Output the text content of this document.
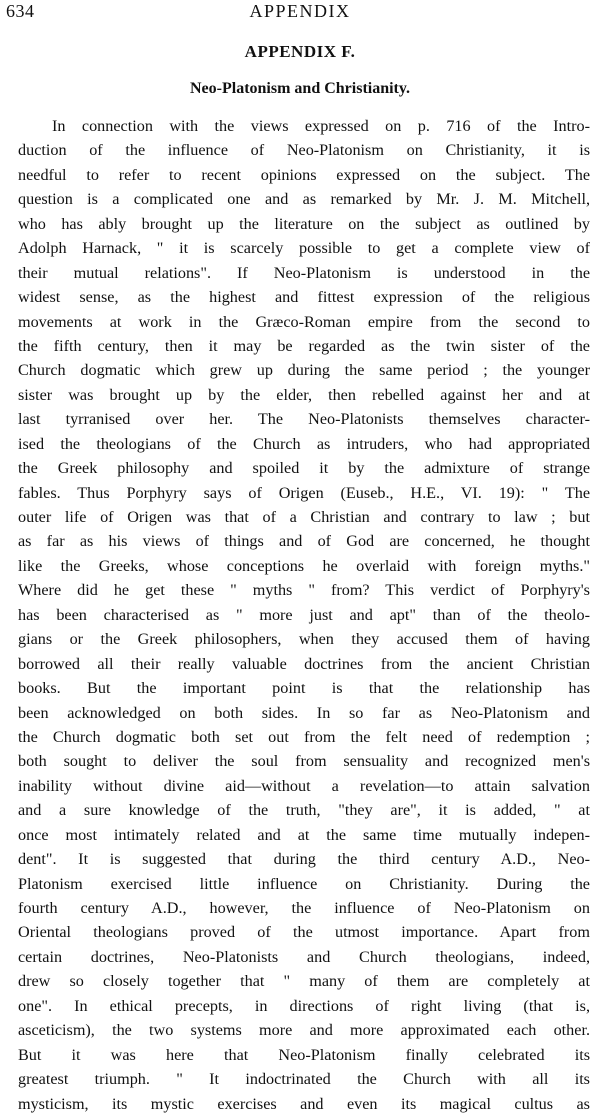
634	APPENDIX
APPENDIX F.
Neo-Platonism and Christianity.
In connection with the views expressed on p. 716 of the Intro-
duction of the influence of Neo-Platonism on Christianity, it is
needful to refer to recent opinions expressed on the subject. The
question is a complicated one and as remarked by Mr. J. M. Mitchell,
who has ably brought up the literature on the subject as outlined by
Adolph Harnack, " it is scarcely possible to get a complete view of
their mutual relations". If Neo-Platonism is understood in the
widest sense, as the highest and fittest expression of the religious
movements at work in the Græco-Roman empire from the second to
the fifth century, then it may be regarded as the twin sister of the
Church dogmatic which grew up during the same period ; the younger
sister was brought up by the elder, then rebelled against her and at
last tyrranised over her. The Neo-Platonists themselves character-
ised the theologians of the Church as intruders, who had appropriated
the Greek philosophy and spoiled it by the admixture of strange
fables. Thus Porphyry says of Origen (Euseb., H.E., VI. 19): " The
outer life of Origen was that of a Christian and contrary to law ; but
as far as his views of things and of God are concerned, he thought
like the Greeks, whose conceptions he overlaid with foreign myths."
Where did he get these " myths " from? This verdict of Porphyry's
has been characterised as " more just and apt" than of the theolo-
gians or the Greek philosophers, when they accused them of having
borrowed all their really valuable doctrines from the ancient Christian
books. But the important point is that the relationship has
been acknowledged on both sides. In so far as Neo-Platonism and
the Church dogmatic both set out from the felt need of redemption ;
both sought to deliver the soul from sensuality and recognized men's
inability without divine aid—without a revelation—to attain salvation
and a sure knowledge of the truth, "they are", it is added, " at
once most intimately related and at the same time mutually indepen-
dent". It is suggested that during the third century A.D., Neo-
Platonism exercised little influence on Christianity. During the
fourth century A.D., however, the influence of Neo-Platonism on
Oriental theologians proved of the utmost importance. Apart from
certain doctrines, Neo-Platonists and Church theologians, indeed,
drew so closely together that " many of them are completely at
one". In ethical precepts, in directions of right living (that is,
asceticism), the two systems more and more approximated each other.
But it was here that Neo-Platonism finally celebrated its
greatest triumph. " It indoctrinated the Church with all its
mysticism, its mystic exercises and even its magical cultus as
